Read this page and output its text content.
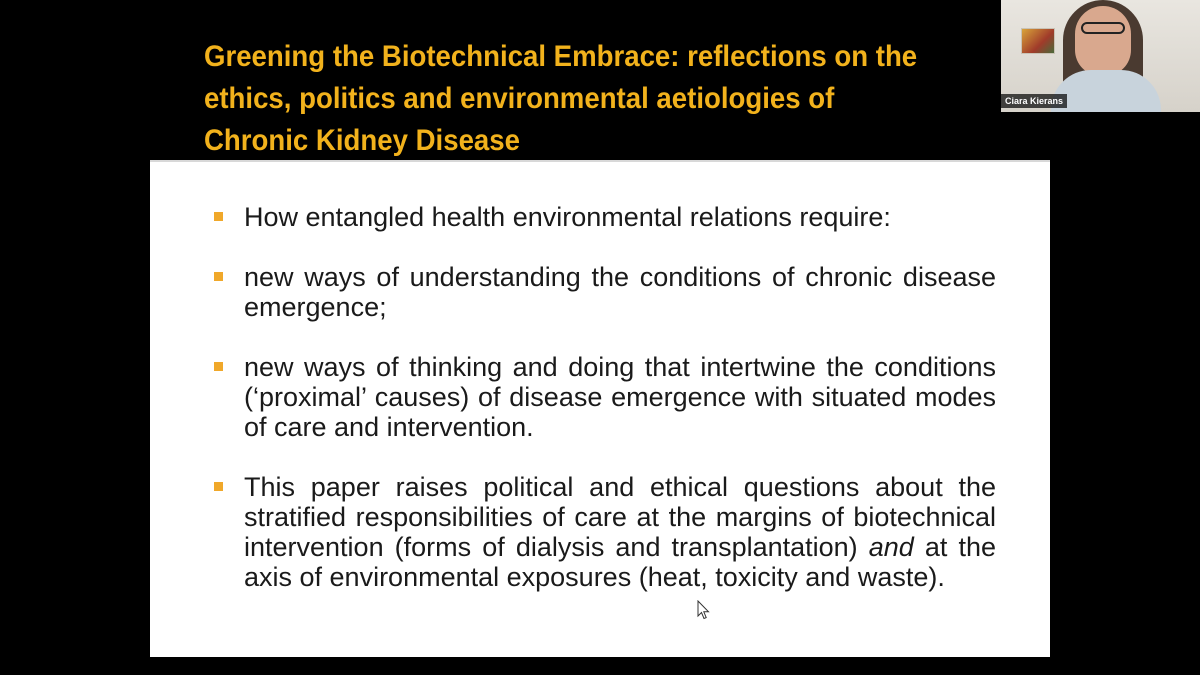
Greening the Biotechnical Embrace: reflections on the ethics, politics and environmental aetiologies of Chronic Kidney Disease
How entangled health environmental relations require:
new ways of understanding the conditions of chronic disease emergence;
new ways of thinking and doing that intertwine the conditions (‘proximal’ causes) of disease emergence with situated modes of care and intervention.
This paper raises political and ethical questions about the stratified responsibilities of care at the margins of biotechnical intervention (forms of dialysis and transplantation) and at the axis of environmental exposures (heat, toxicity and waste).
Ciara Kierans
